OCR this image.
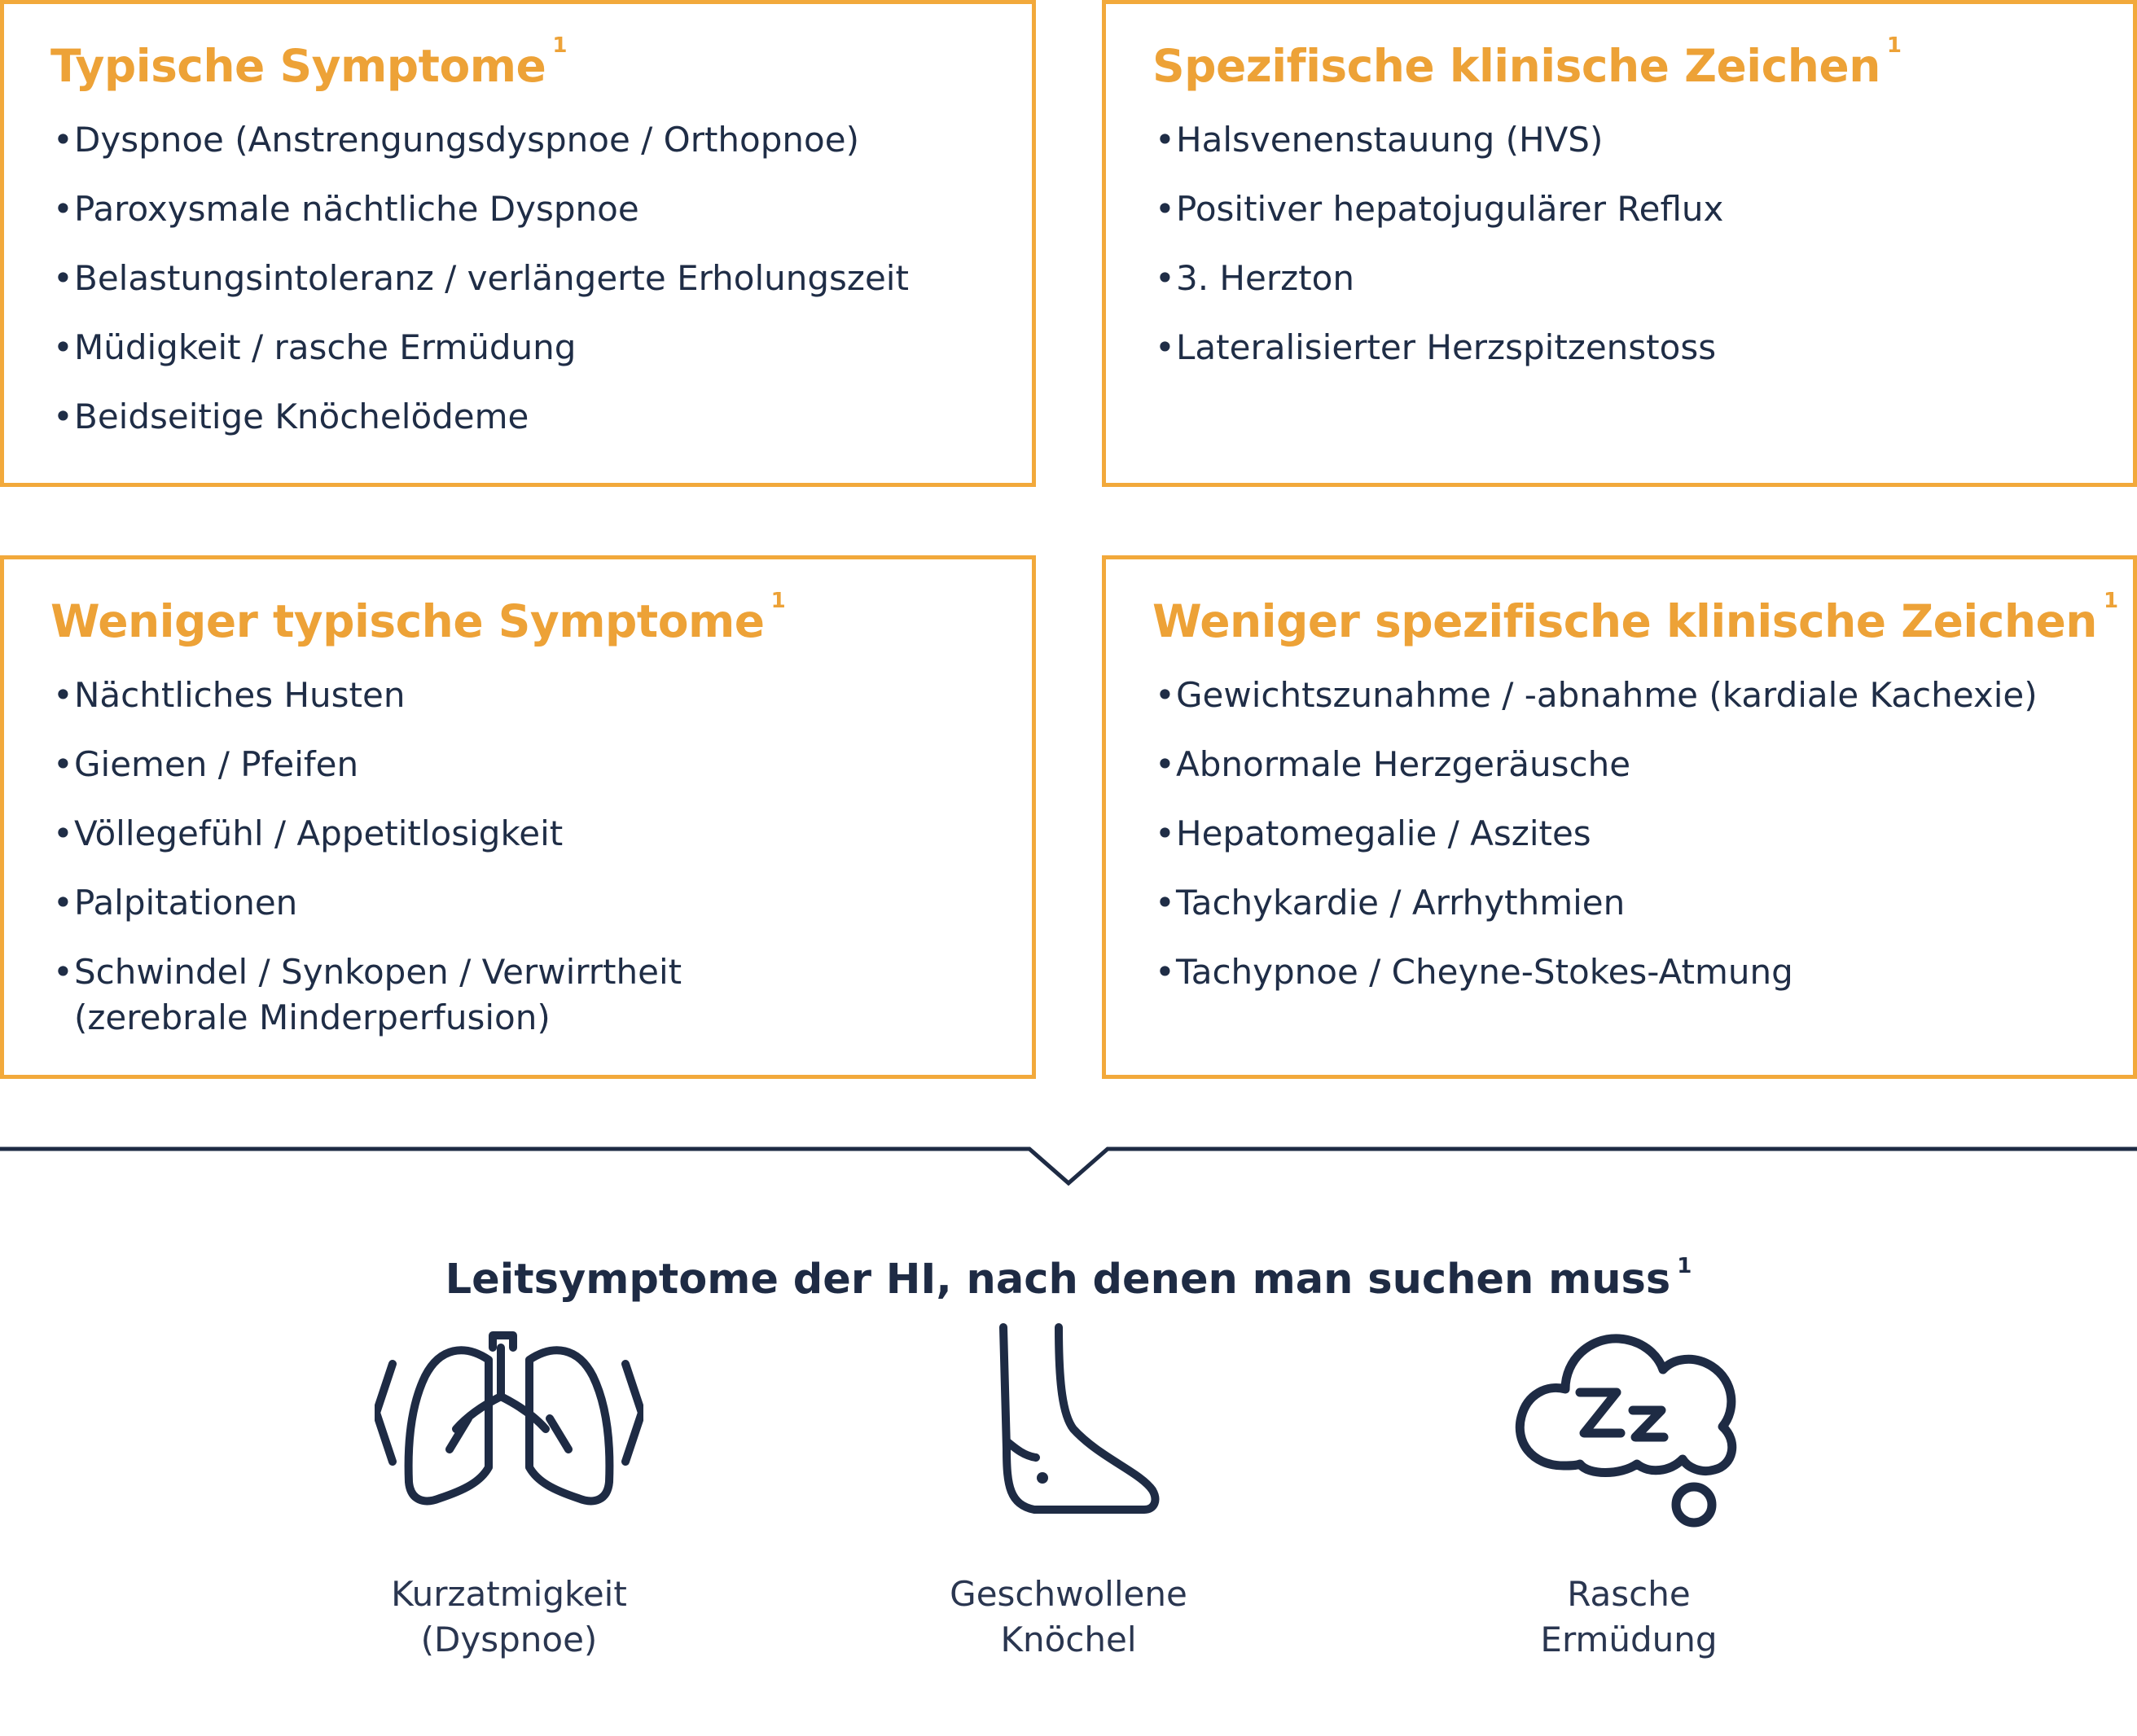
Typische Symptome $^1$
• Dyspnoe (Anstrengungsdyspnoe / Orthopnoe)
• Paroxysmale nächtliche Dyspnoe
• Belastungsintoleranz / verlängerte Erholungszeit
• Müdigkeit / rasche Ermüdung
• Beidseitige Knöchelödeme
Spezifische klinische Zeichen $^1$
• Halsvenenstauung (HVS)
• Positiver hepatojugulärer Reflux
• 3. Herzton
• Lateralisierter Herzspitzenstoss
Weniger typische Symptome $^1$
• Nächtliches Husten
• Giemen / Pfeifen
• Völlegefühl / Appetitlosigkeit
• Palpitationen
• Schwindel / Synkopen / Verwirrtheit
(zerebrale Minderperfusion)
Weniger spezifische klinische Zeichen $^1$
• Gewichtszunahme / -abnahme (kardiale Kachexie)
• Abnormale Herzgeräusche
• Hepatomegalie / Aszites
• Tachykardie / Arrhythmien
• Tachypnoe / Cheyne-Stokes-Atmung
Leitsymptome der HI, nach denen man suchen muss $^1$
Kurzatmigkeit
(Dyspnoe)
Geschwollene
Knöchel
Rasche
Ermüdung
